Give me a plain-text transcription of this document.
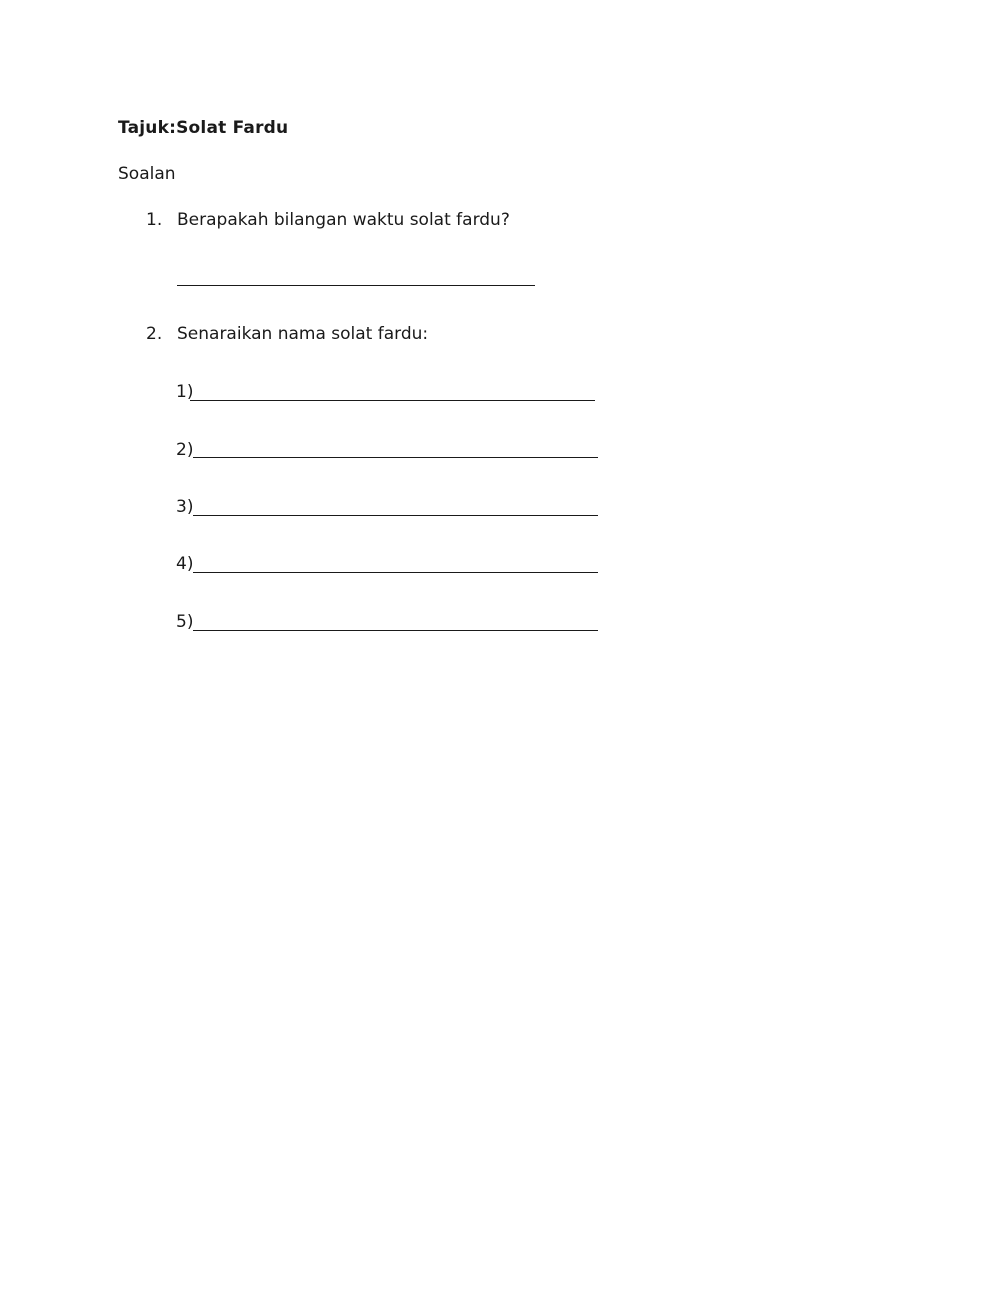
Tajuk:Solat Fardu
Soalan
1. Berapakah bilangan waktu solat fardu?
2. Senaraikan nama solat fardu:
1)
2)
3)
4)
5)
